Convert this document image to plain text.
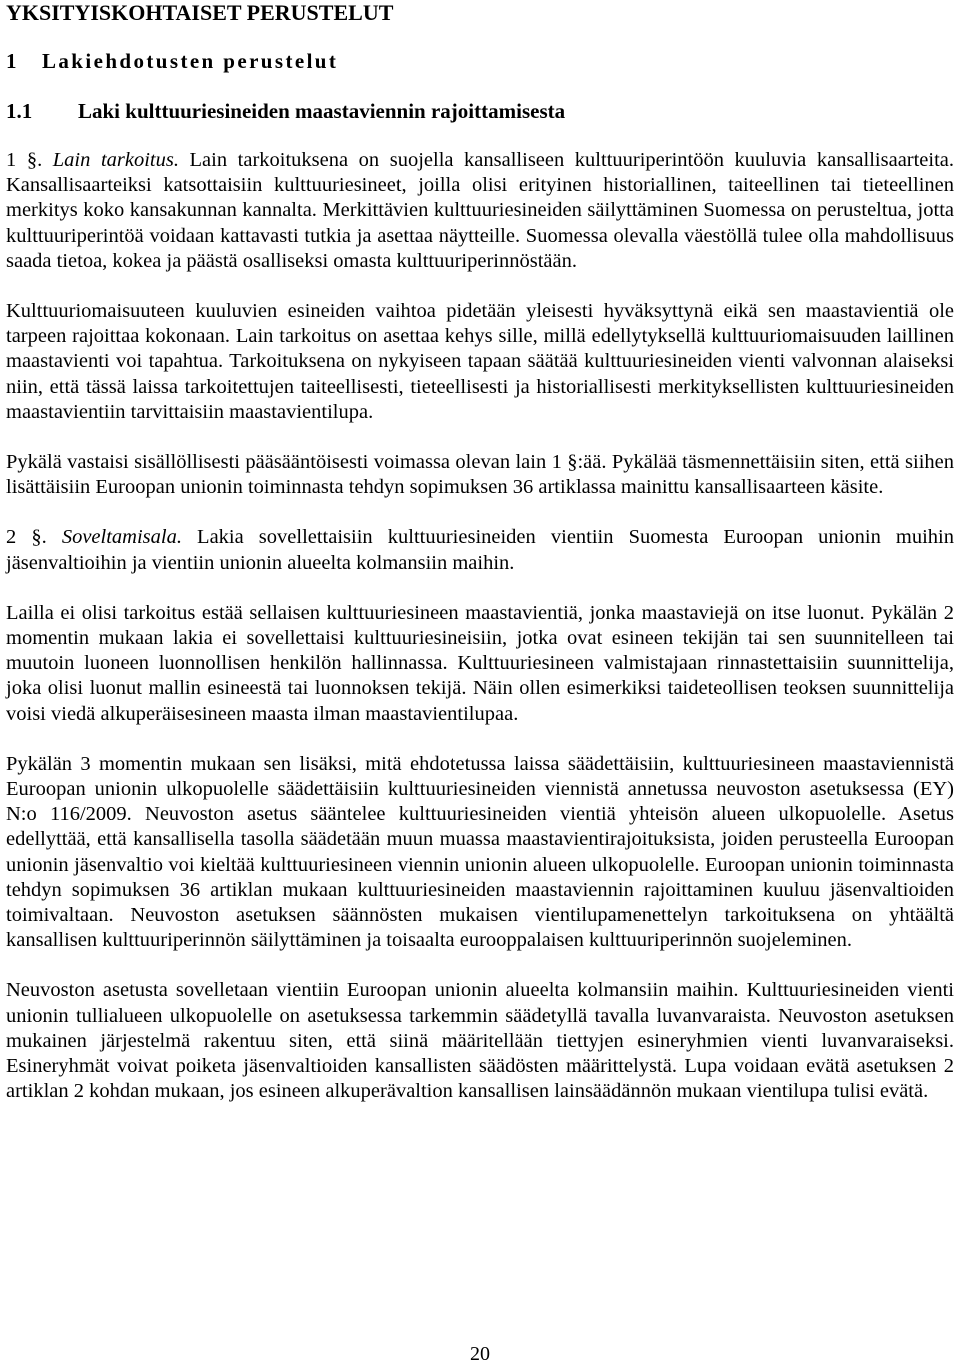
YKSITYISKOHTAISET PERUSTELUT
1 Lakiehdotusten perustelut
1.1 Laki kulttuuriesineiden maastaviennin rajoittamisesta

1 §. Lain tarkoitus. Lain tarkoituksena on suojella kansalliseen kulttuuriperintöön kuuluvia kansallisaarteita. Kansallisaarteiksi katsottaisiin kulttuuriesineet, joilla olisi erityinen historiallinen, taiteellinen tai tieteellinen merkitys koko kansakunnan kannalta. Merkittävien kulttuuriesineiden säilyttäminen Suomessa on perusteltua, jotta kulttuuriperintöä voidaan kattavasti tutkia ja asettaa näytteille. Suomessa olevalla väestöllä tulee olla mahdollisuus saada tietoa, kokea ja päästä osalliseksi omasta kulttuuriperinnöstään.

Kulttuuriomaisuuteen kuuluvien esineiden vaihtoa pidetään yleisesti hyväksyttynä eikä sen maastavientiä ole tarpeen rajoittaa kokonaan. Lain tarkoitus on asettaa kehys sille, millä edellytyksellä kulttuuriomaisuuden laillinen maastavienti voi tapahtua. Tarkoituksena on nykyiseen tapaan säätää kulttuuriesineiden vienti valvonnan alaiseksi niin, että tässä laissa tarkoitettujen taiteellisesti, tieteellisesti ja historiallisesti merkityksellisten kulttuuriesineiden maastavientiin tarvittaisiin maastavientilupa.

Pykälä vastaisi sisällöllisesti pääsääntöisesti voimassa olevan lain 1 §:ää. Pykälää täsmennettäisiin siten, että siihen lisättäisiin Euroopan unionin toiminnasta tehdyn sopimuksen 36 artiklassa mainittu kansallisaarteen käsite.

2 §. Soveltamisala. Lakia sovellettaisiin kulttuuriesineiden vientiin Suomesta Euroopan unionin muihin jäsenvaltioihin ja vientiin unionin alueelta kolmansiin maihin.

Lailla ei olisi tarkoitus estää sellaisen kulttuuriesineen maastavientiä, jonka maastaviejä on itse luonut. Pykälän 2 momentin mukaan lakia ei sovellettaisi kulttuuriesineisiin, jotka ovat esineen tekijän tai sen suunnitelleen tai muutoin luoneen luonnollisen henkilön hallinnassa. Kulttuuriesineen valmistajaan rinnastettaisiin suunnittelija, joka olisi luonut mallin esineestä tai luonnoksen tekijä. Näin ollen esimerkiksi taideteollisen teoksen suunnittelija voisi viedä alkuperäisesineen maasta ilman maastavientilupaa.

Pykälän 3 momentin mukaan sen lisäksi, mitä ehdotetussa laissa säädettäisiin, kulttuuriesineen maastaviennistä Euroopan unionin ulkopuolelle säädettäisiin kulttuuriesineiden viennistä annetussa neuvoston asetuksessa (EY) N:o 116/2009. Neuvoston asetus sääntelee kulttuuriesineiden vientiä yhteisön alueen ulkopuolelle. Asetus edellyttää, että kansallisella tasolla säädetään muun muassa maastavientirajoituksista, joiden perusteella Euroopan unionin jäsenvaltio voi kieltää kulttuuriesineen viennin unionin alueen ulkopuolelle. Euroopan unionin toiminnasta tehdyn sopimuksen 36 artiklan mukaan kulttuuriesineiden maastaviennin rajoittaminen kuuluu jäsenvaltioiden toimivaltaan. Neuvoston asetuksen säännösten mukaisen vientilupamenettelyn tarkoituksena on yhtäältä kansallisen kulttuuriperinnön säilyttäminen ja toisaalta eurooppalaisen kulttuuriperinnön suojeleminen.

Neuvoston asetusta sovelletaan vientiin Euroopan unionin alueelta kolmansiin maihin. Kulttuuriesineiden vienti unionin tullialueen ulkopuolelle on asetuksessa tarkemmin säädetyllä tavalla luvanvaraista. Neuvoston asetuksen mukainen järjestelmä rakentuu siten, että siinä määritellään tiettyjen esineryhmien vienti luvanvaraiseksi. Esineryhmät voivat poiketa jäsenvaltioiden kansallisten säädösten määrittelystä. Lupa voidaan evätä asetuksen 2 artiklan 2 kohdan mukaan, jos esineen alkuperävaltion kansallisen lainsäädännön mukaan vientilupa tulisi evätä.

20
